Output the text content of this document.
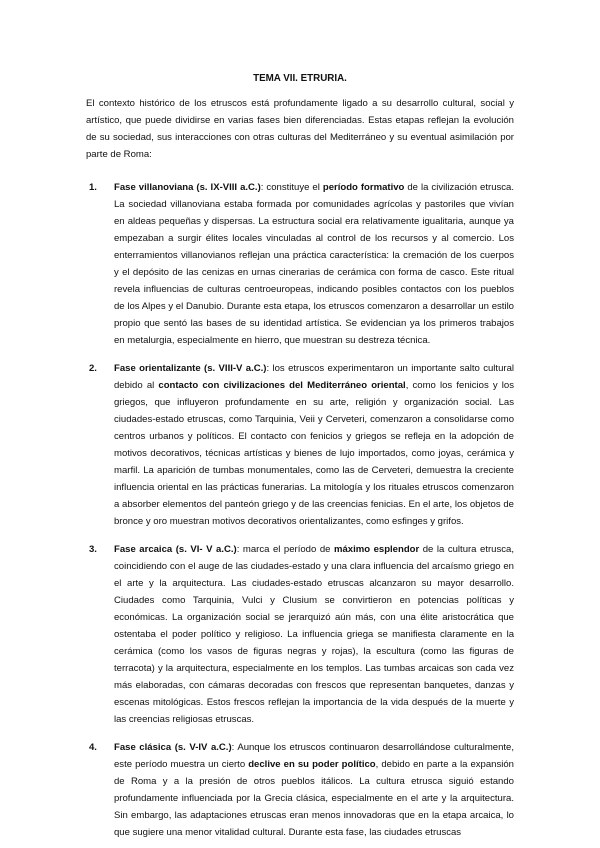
TEMA VII. ETRURIA.

El contexto histórico de los etruscos está profundamente ligado a su desarrollo cultural, social y artístico, que puede dividirse en varias fases bien diferenciadas. Estas etapas reflejan la evolución de su sociedad, sus interacciones con otras culturas del Mediterráneo y su eventual asimilación por parte de Roma:

1. Fase villanoviana (s. IX-VIII a.C.): constituye el período formativo de la civilización etrusca. La sociedad villanoviana estaba formada por comunidades agrícolas y pastoriles que vivían en aldeas pequeñas y dispersas. La estructura social era relativamente igualitaria, aunque ya empezaban a surgir élites locales vinculadas al control de los recursos y al comercio. Los enterramientos villanovianos reflejan una práctica característica: la cremación de los cuerpos y el depósito de las cenizas en urnas cinerarias de cerámica con forma de casco. Este ritual revela influencias de culturas centroeuropeas, indicando posibles contactos con los pueblos de los Alpes y el Danubio. Durante esta etapa, los etruscos comenzaron a desarrollar un estilo propio que sentó las bases de su identidad artística. Se evidencian ya los primeros trabajos en metalurgia, especialmente en hierro, que muestran su destreza técnica.
2. Fase orientalizante (s. VIII-V a.C.): los etruscos experimentaron un importante salto cultural debido al contacto con civilizaciones del Mediterráneo oriental, como los fenicios y los griegos, que influyeron profundamente en su arte, religión y organización social. Las ciudades-estado etruscas, como Tarquinia, Veii y Cerveteri, comenzaron a consolidarse como centros urbanos y políticos. El contacto con fenicios y griegos se refleja en la adopción de motivos decorativos, técnicas artísticas y bienes de lujo importados, como joyas, cerámica y marfil. La aparición de tumbas monumentales, como las de Cerveteri, demuestra la creciente influencia oriental en las prácticas funerarias. La mitología y los rituales etruscos comenzaron a absorber elementos del panteón griego y de las creencias fenicias. En el arte, los objetos de bronce y oro muestran motivos decorativos orientalizantes, como esfinges y grifos.
3. Fase arcaica (s. VI- V a.C.): marca el período de máximo esplendor de la cultura etrusca, coincidiendo con el auge de las ciudades-estado y una clara influencia del arcaísmo griego en el arte y la arquitectura. Las ciudades-estado etruscas alcanzaron su mayor desarrollo. Ciudades como Tarquinia, Vulci y Clusium se convirtieron en potencias políticas y económicas. La organización social se jerarquizó aún más, con una élite aristocrática que ostentaba el poder político y religioso. La influencia griega se manifiesta claramente en la cerámica (como los vasos de figuras negras y rojas), la escultura (como las figuras de terracota) y la arquitectura, especialmente en los templos. Las tumbas arcaicas son cada vez más elaboradas, con cámaras decoradas con frescos que representan banquetes, danzas y escenas mitológicas. Estos frescos reflejan la importancia de la vida después de la muerte y las creencias religiosas etruscas.
4. Fase clásica (s. V-IV a.C.): Aunque los etruscos continuaron desarrollándose culturalmente, este período muestra un cierto declive en su poder político, debido en parte a la expansión de Roma y a la presión de otros pueblos itálicos. La cultura etrusca siguió estando profundamente influenciada por la Grecia clásica, especialmente en el arte y la arquitectura. Sin embargo, las adaptaciones etruscas eran menos innovadoras que en la etapa arcaica, lo que sugiere una menor vitalidad cultural. Durante esta fase, las ciudades etruscas
